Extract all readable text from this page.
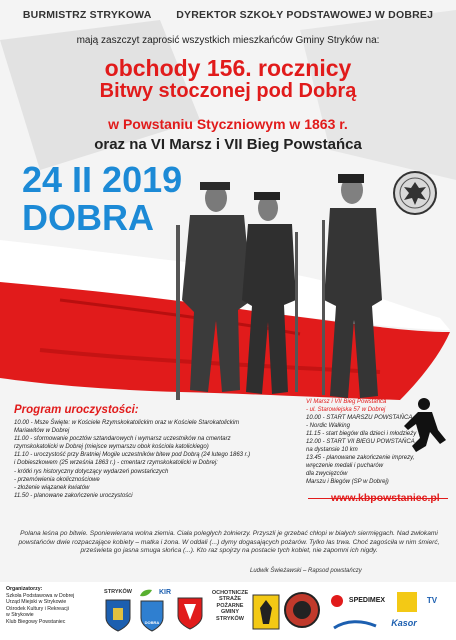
BURMISTRZ STRYKOWA DYREKTOR SZKOŁY PODSTAWOWEJ W DOBREJ
mają zaszczyt zaprosić wszystkich mieszkańców Gminy Stryków na:
obchody 156. rocznicy
Bitwy stoczonej pod Dobrą
w Powstaniu Styczniowym w 1863 r.
oraz na VI Marsz i VII Bieg Powstańca
24 II 2019
DOBRA
Program uroczystości:
10.00 - Msze Święte: w Kościele Rzymskokatolickim oraz w Kościele Starokatolickim
Mariawitów w Dobrej
11.00 - sformowanie pocztów sztandarowych i wymarsz uczestników na cmentarz
rzymskokatolicki w Dobrej (miejsce wymarszu obok kościoła katolickiego)
11.10 - uroczystość przy Bratniej Mogile uczestników bitew pod Dobrą (24 lutego 1863 r.)
i Dobieszkowem (25 września 1863 r.) - cmentarz rzymskokatolicki w Dobrej:
- krótki rys historyczny dotyczący wydarzeń powstańczych
- przemówienia okolicznościowe
- złożenie wiązanek kwiatów
11.50 - planowane zakończenie uroczystości
VI Marsz i VII Bieg Powstańca
- ul. Starowiejska 57 w Dobrej
10.00 - START MARSZU POWSTAŃCA
- Nordic Walking
11.15 - start biegów dla dzieci i młodzieży
12.00 - START VII BIEGU POWSTAŃCA
na dystansie 10 km
13.45 - planowane zakończenie imprezy,
wręczenie medali i pucharów
dla zwycięzców
Marszu i Biegów (SP w Dobrej)
www.kbpowstaniec.pl
Polana leśna po bitwie. Sponiewierana wolna ziemia. Ciała poległych żołnierzy. Przyszli je grzebać chłopi w białych siermięgach. Nad zwłokami powstańców dwie rozpaczające kobiety – matka i żona. W oddali (...) dymy dogasających pożarów. Tylko las trwa. Choć zagościła w nim śmierć, prześwieta go jasna smuga słońca (...). Kto raz spojrzy na postacie tych kobiet, nie zapomni ich nigdy.
Ludwik Świeżawski – Rapsod powstańczy
Organizatorzy:
Szkoła Podstawowa w Dobrej
Urząd Miejski w Strykowie
Ośrodek Kultury i Rekreacji
w Strykowie
Klub Biegowy Powstaniec
STRYKÓW	KIR
DOBRA
OCHOTNICZE
STRAŻE
POŻARNE
GMINY
STRYKÓW
SPEDIMEX	TV
Kasor
